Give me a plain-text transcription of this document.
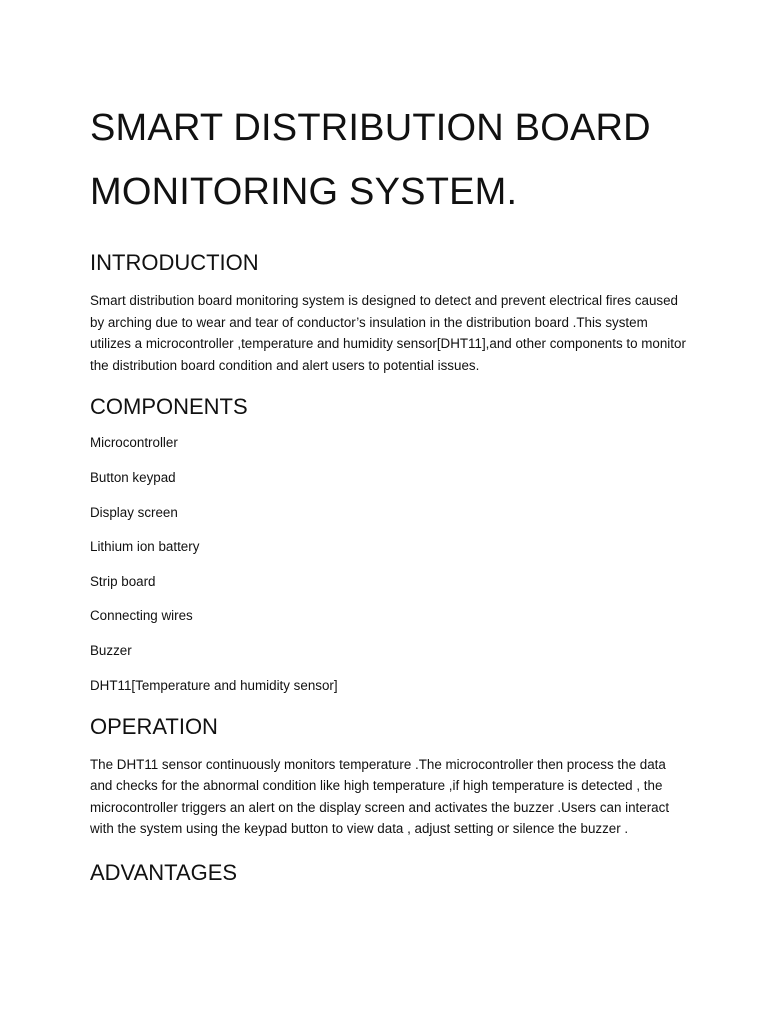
SMART DISTRIBUTION BOARD
MONITORING SYSTEM.
INTRODUCTION

Smart distribution board monitoring system is designed to detect and prevent electrical fires caused by arching due to wear and tear of conductor’s insulation in the distribution board .This system utilizes a microcontroller ,temperature and humidity sensor[DHT11],and other components to monitor the distribution board condition and alert users to potential issues.

COMPONENTS
Microcontroller
Button keypad
Display screen
Lithium ion battery
Strip board
Connecting wires
Buzzer
DHT11[Temperature and humidity sensor]
OPERATION

The DHT11 sensor continuously monitors temperature .The microcontroller then process the data and checks for the abnormal condition like high temperature ,if high temperature is detected , the microcontroller triggers an alert on the display screen and activates the buzzer .Users can interact with the system using the keypad button to view data , adjust setting or silence the buzzer .

ADVANTAGES
